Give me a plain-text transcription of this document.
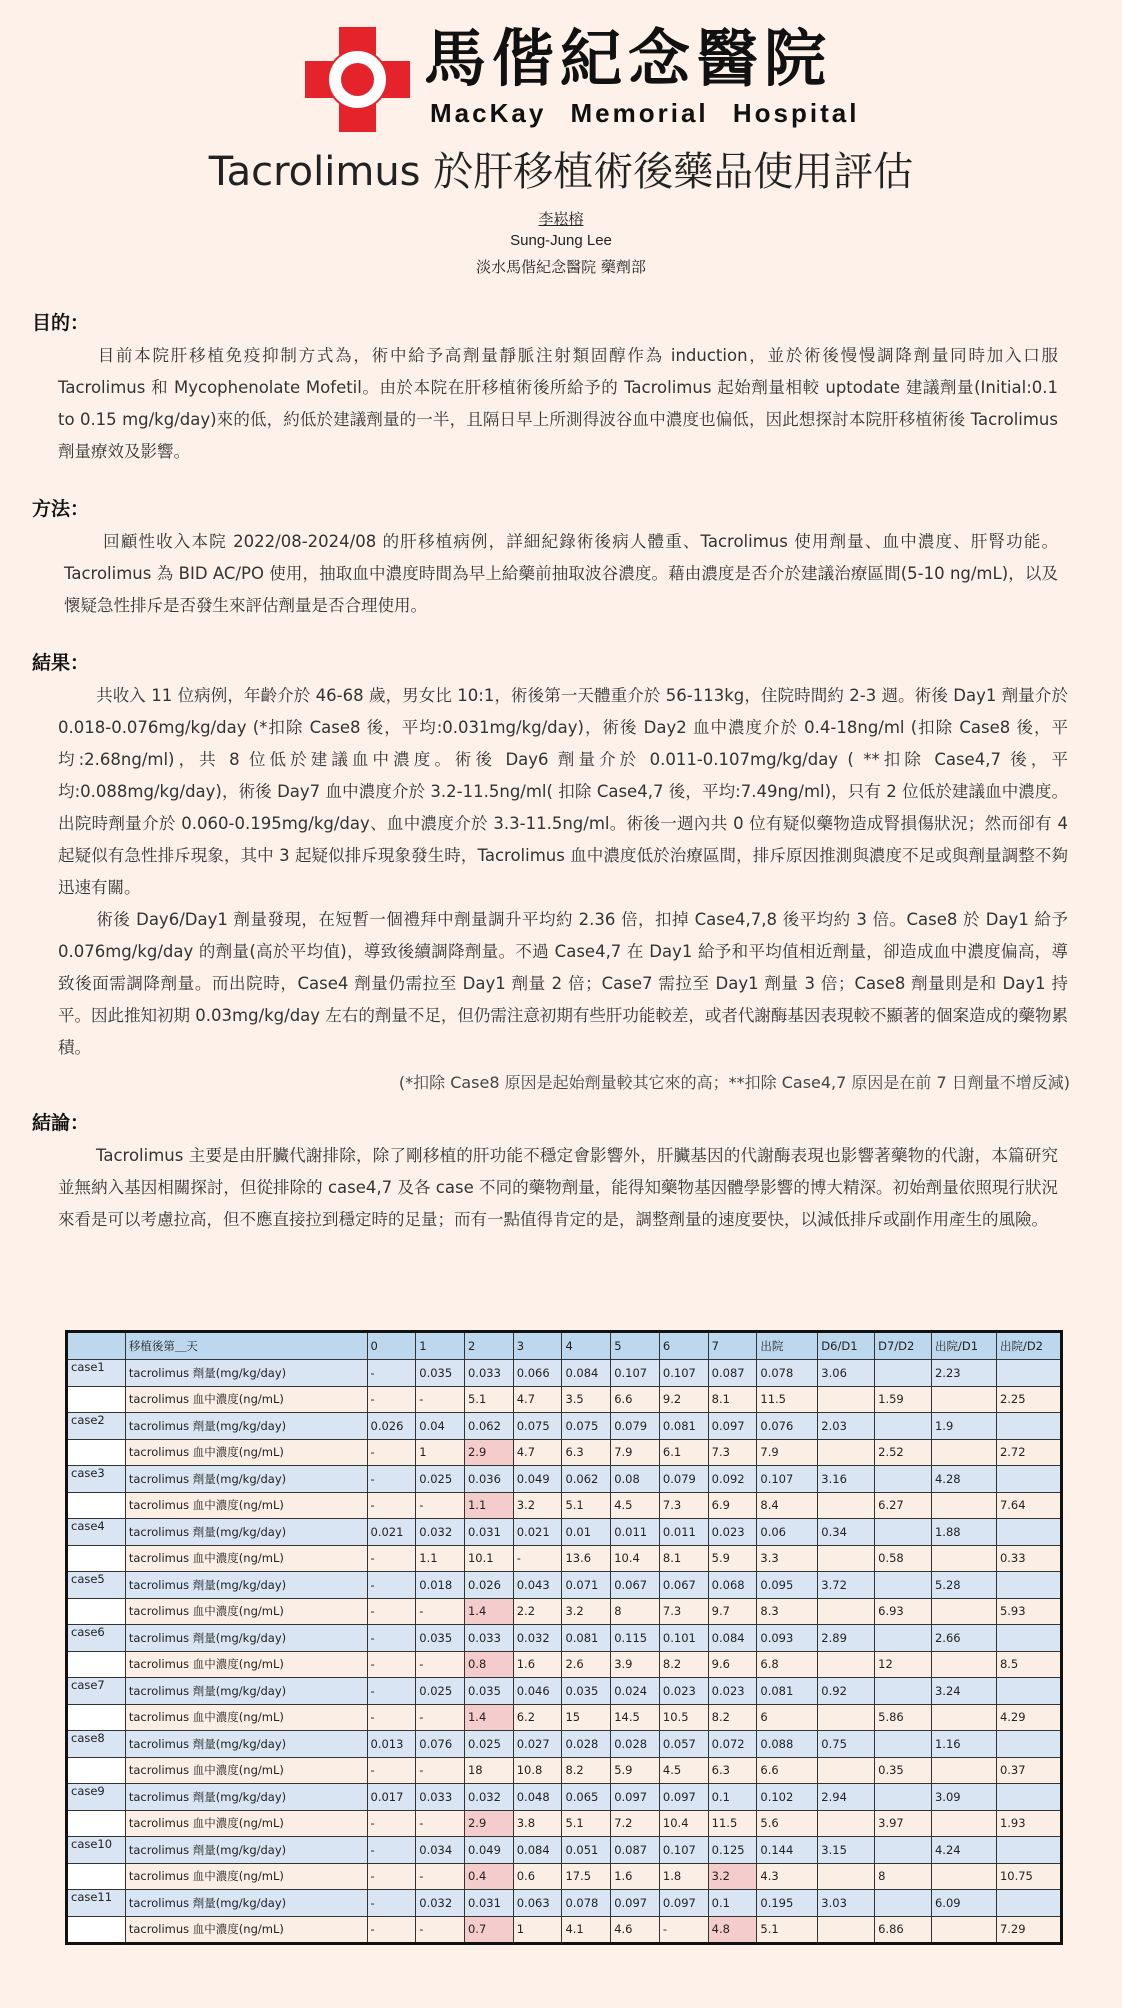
馬偕紀念醫院
MacKay Memorial Hospital
Tacrolimus 於肝移植術後藥品使用評估
李崧榕
Sung-Jung Lee
淡水馬偕紀念醫院 藥劑部
目的：
目前本院肝移植免疫抑制方式為，術中給予高劑量靜脈注射類固醇作為 induction，並於術後慢慢調降劑量同時加入口服 Tacrolimus 和 Mycophenolate Mofetil。由於本院在肝移植術後所給予的 Tacrolimus 起始劑量相較 uptodate 建議劑量(Initial:0.1 to 0.15 mg/kg/day)來的低，約低於建議劑量的一半，且隔日早上所測得波谷血中濃度也偏低，因此想探討本院肝移植術後 Tacrolimus 劑量療效及影響。
方法：
回顧性收入本院 2022/08-2024/08 的肝移植病例，詳細紀錄術後病人體重、Tacrolimus 使用劑量、血中濃度、肝腎功能。Tacrolimus 為 BID AC/PO 使用，抽取血中濃度時間為早上給藥前抽取波谷濃度。藉由濃度是否介於建議治療區間(5-10 ng/mL)，以及懷疑急性排斥是否發生來評估劑量是否合理使用。
結果：
共收入 11 位病例，年齡介於 46-68 歲，男女比 10:1，術後第一天體重介於 56-113kg，住院時間約 2-3 週。術後 Day1 劑量介於 0.018-0.076mg/kg/day (*扣除 Case8 後，平均:0.031mg/kg/day)，術後 Day2 血中濃度介於 0.4-18ng/ml (扣除 Case8 後，平均:2.68ng/ml)，共 8 位低於建議血中濃度。術後 Day6 劑量介於 0.011-0.107mg/kg/day ( **扣除 Case4,7 後，平均:0.088mg/kg/day)，術後 Day7 血中濃度介於 3.2-11.5ng/ml( 扣除 Case4,7 後，平均:7.49ng/ml)，只有 2 位低於建議血中濃度。出院時劑量介於 0.060-0.195mg/kg/day、血中濃度介於 3.3-11.5ng/ml。術後一週內共 0 位有疑似藥物造成腎損傷狀況；然而卻有 4 起疑似有急性排斥現象，其中 3 起疑似排斥現象發生時，Tacrolimus 血中濃度低於治療區間，排斥原因推測與濃度不足或與劑量調整不夠迅速有關。
術後 Day6/Day1 劑量發現，在短暫一個禮拜中劑量調升平均約 2.36 倍，扣掉 Case4,7,8 後平均約 3 倍。Case8 於 Day1 給予 0.076mg/kg/day 的劑量(高於平均值)，導致後續調降劑量。不過 Case4,7 在 Day1 給予和平均值相近劑量，卻造成血中濃度偏高，導致後面需調降劑量。而出院時，Case4 劑量仍需拉至 Day1 劑量 2 倍；Case7 需拉至 Day1 劑量 3 倍；Case8 劑量則是和 Day1 持平。因此推知初期 0.03mg/kg/day 左右的劑量不足，但仍需注意初期有些肝功能較差，或者代謝酶基因表現較不顯著的個案造成的藥物累積。
(*扣除 Case8 原因是起始劑量較其它來的高；**扣除 Case4,7 原因是在前 7 日劑量不增反減)
結論：
Tacrolimus 主要是由肝臟代謝排除，除了剛移植的肝功能不穩定會影響外，肝臟基因的代謝酶表現也影響著藥物的代謝，本篇研究並無納入基因相關探討，但從排除的 case4,7 及各 case 不同的藥物劑量，能得知藥物基因體學影響的博大精深。初始劑量依照現行狀況來看是可以考慮拉高，但不應直接拉到穩定時的足量；而有一點值得肯定的是，調整劑量的速度要快，以減低排斥或副作用產生的風險。
	移植後第＿天	0	1	2	3	4	5	6	7	出院	D6/D1	D7/D2	出院/D1	出院/D2
case1	tacrolimus 劑量(mg/kg/day)	-	0.035	0.033	0.066	0.084	0.107	0.107	0.087	0.078	3.06		2.23	
	tacrolimus 血中濃度(ng/mL)	-	-	5.1	4.7	3.5	6.6	9.2	8.1	11.5		1.59		2.25
case2	tacrolimus 劑量(mg/kg/day)	0.026	0.04	0.062	0.075	0.075	0.079	0.081	0.097	0.076	2.03		1.9	
	tacrolimus 血中濃度(ng/mL)	-	1	2.9	4.7	6.3	7.9	6.1	7.3	7.9		2.52		2.72
case3	tacrolimus 劑量(mg/kg/day)	-	0.025	0.036	0.049	0.062	0.08	0.079	0.092	0.107	3.16		4.28	
	tacrolimus 血中濃度(ng/mL)	-	-	1.1	3.2	5.1	4.5	7.3	6.9	8.4		6.27		7.64
case4	tacrolimus 劑量(mg/kg/day)	0.021	0.032	0.031	0.021	0.01	0.011	0.011	0.023	0.06	0.34		1.88	
	tacrolimus 血中濃度(ng/mL)	-	1.1	10.1	-	13.6	10.4	8.1	5.9	3.3		0.58		0.33
case5	tacrolimus 劑量(mg/kg/day)	-	0.018	0.026	0.043	0.071	0.067	0.067	0.068	0.095	3.72		5.28	
	tacrolimus 血中濃度(ng/mL)	-	-	1.4	2.2	3.2	8	7.3	9.7	8.3		6.93		5.93
case6	tacrolimus 劑量(mg/kg/day)	-	0.035	0.033	0.032	0.081	0.115	0.101	0.084	0.093	2.89		2.66	
	tacrolimus 血中濃度(ng/mL)	-	-	0.8	1.6	2.6	3.9	8.2	9.6	6.8		12		8.5
case7	tacrolimus 劑量(mg/kg/day)	-	0.025	0.035	0.046	0.035	0.024	0.023	0.023	0.081	0.92		3.24	
	tacrolimus 血中濃度(ng/mL)	-	-	1.4	6.2	15	14.5	10.5	8.2	6		5.86		4.29
case8	tacrolimus 劑量(mg/kg/day)	0.013	0.076	0.025	0.027	0.028	0.028	0.057	0.072	0.088	0.75		1.16	
	tacrolimus 血中濃度(ng/mL)	-	-	18	10.8	8.2	5.9	4.5	6.3	6.6		0.35		0.37
case9	tacrolimus 劑量(mg/kg/day)	0.017	0.033	0.032	0.048	0.065	0.097	0.097	0.1	0.102	2.94		3.09	
	tacrolimus 血中濃度(ng/mL)	-	-	2.9	3.8	5.1	7.2	10.4	11.5	5.6		3.97		1.93
case10	tacrolimus 劑量(mg/kg/day)	-	0.034	0.049	0.084	0.051	0.087	0.107	0.125	0.144	3.15		4.24	
	tacrolimus 血中濃度(ng/mL)	-	-	0.4	0.6	17.5	1.6	1.8	3.2	4.3		8		10.75
case11	tacrolimus 劑量(mg/kg/day)	-	0.032	0.031	0.063	0.078	0.097	0.097	0.1	0.195	3.03		6.09	
	tacrolimus 血中濃度(ng/mL)	-	-	0.7	1	4.1	4.6	-	4.8	5.1		6.86		7.29
